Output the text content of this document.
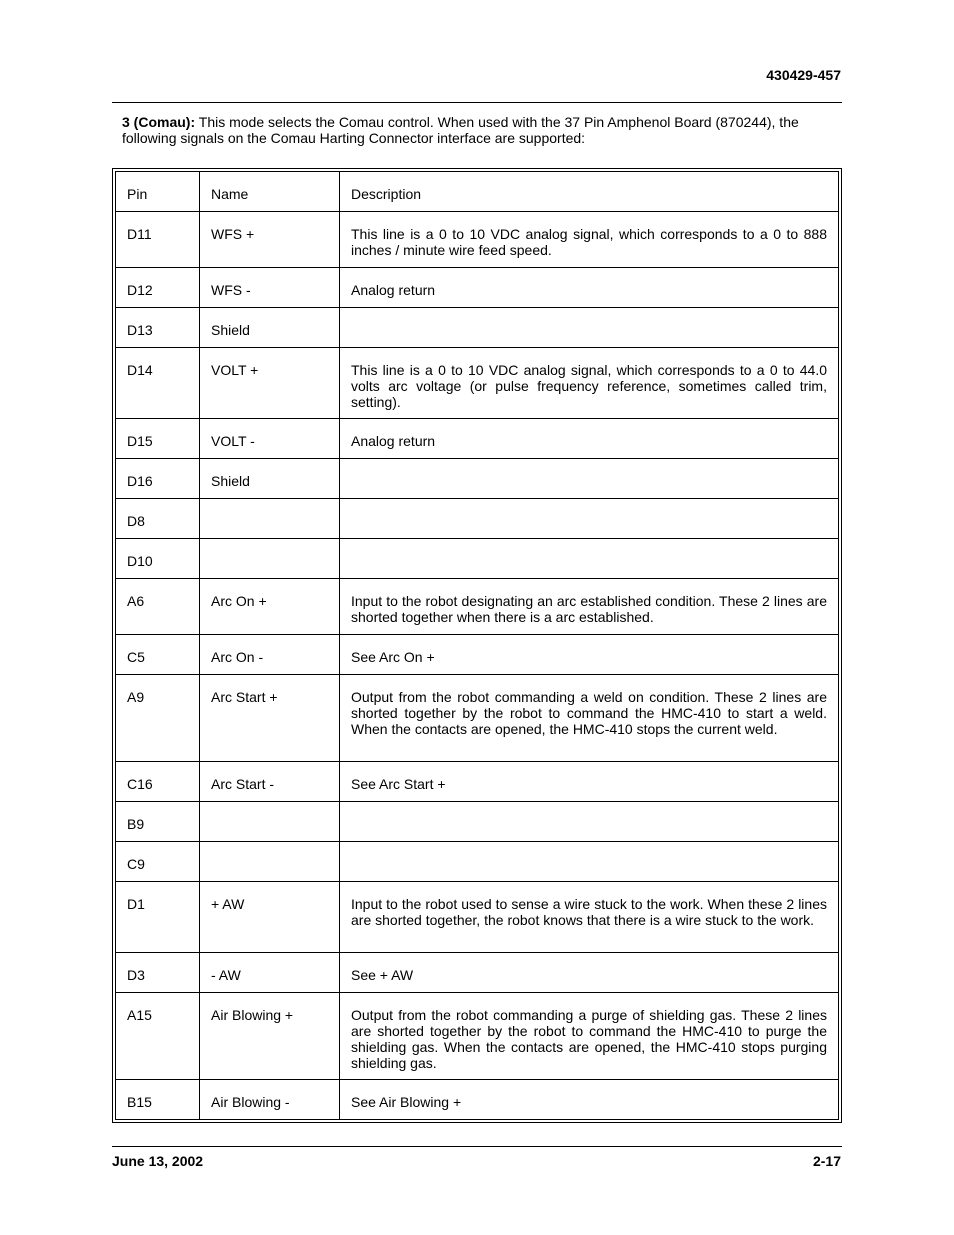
430429-457
3 (Comau): This mode selects the Comau control. When used with the 37 Pin Amphenol Board (870244), the following signals on the Comau Harting Connector interface are supported:
Pin	Name	Description
D11	WFS +	This line is a 0 to 10 VDC analog signal, which corresponds to a 0 to 888 inches / minute wire feed speed.
D12	WFS -	Analog return
D13	Shield	
D14	VOLT +	This line is a 0 to 10 VDC analog signal, which corresponds to a 0 to 44.0 volts arc voltage (or pulse frequency reference, sometimes called trim, setting).
D15	VOLT -	Analog return
D16	Shield	
D8		
D10		
A6	Arc On +	Input to the robot designating an arc established condition. These 2 lines are shorted together when there is a arc established.
C5	Arc On -	See Arc On +
A9	Arc Start +	Output from the robot commanding a weld on condition. These 2 lines are shorted together by the robot to command the HMC-410 to start a weld. When the contacts are opened, the HMC-410 stops the current weld.
C16	Arc Start -	See Arc Start +
B9		
C9		
D1	+ AW	Input to the robot used to sense a wire stuck to the work. When these 2 lines are shorted together, the robot knows that there is a wire stuck to the work.
D3	- AW	See + AW
A15	Air Blowing +	Output from the robot commanding a purge of shielding gas. These 2 lines are shorted together by the robot to command the HMC-410 to purge the shielding gas. When the contacts are opened, the HMC-410 stops purging shielding gas.
B15	Air Blowing -	See Air Blowing +
June 13, 2002	2-17
